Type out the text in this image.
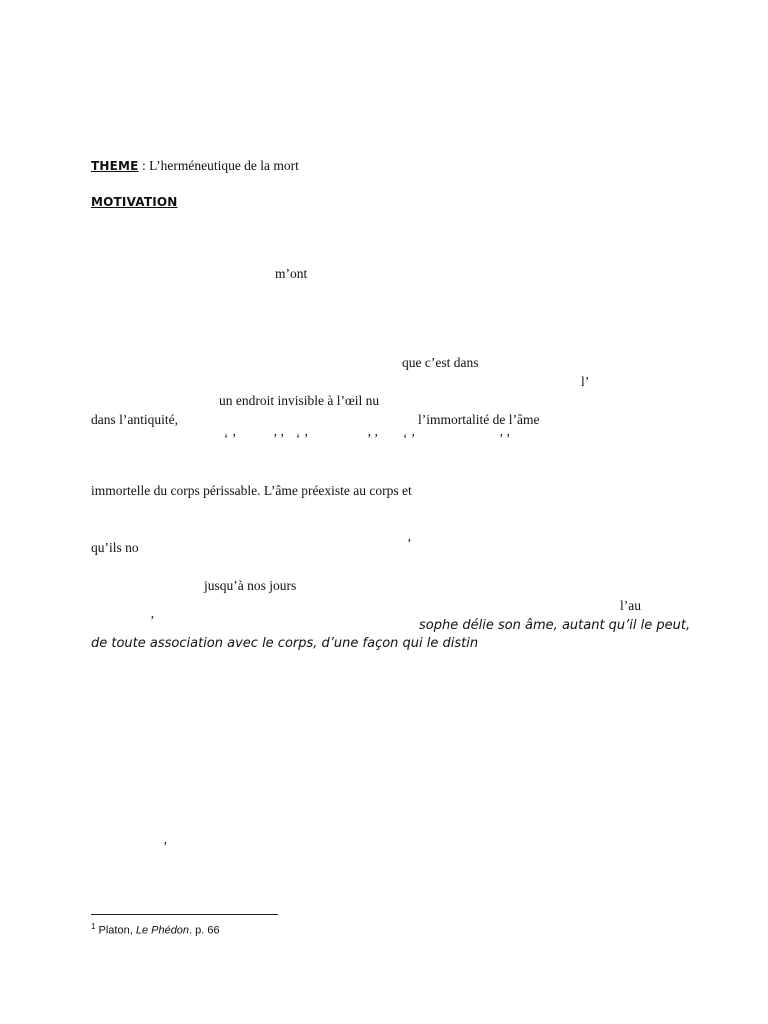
THEME : L’herméneutique de la mort
MOTIVATION
m’ont
que c’est dans
l’
un endroit invisible à l’œil nu
dans l’antiquité,	l’immortalité de l’âme
‘ ’	’ ’ ‘ ’	’ ’ ‘ ’	’ ’
immortelle du corps périssable. L’âme préexiste au corps et
qu’ils no	’
jusqu’à nos jours
l’au
’	sophe délie son âme, autant qu’il le peut,
de toute association avec le corps, d’une façon qui le distin
’
$^1$ Platon, Le Phédon. p. 66
